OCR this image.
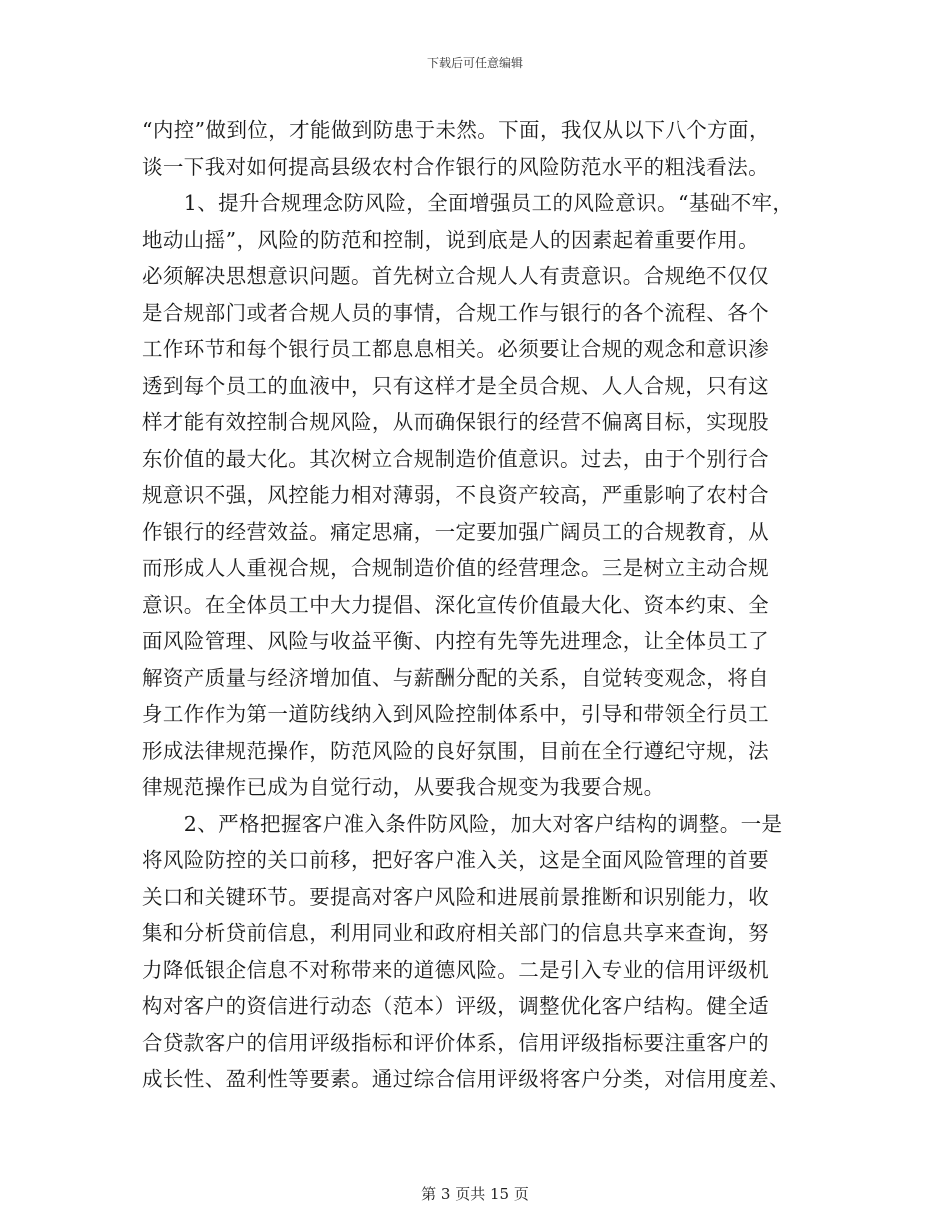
下载后可任意编辑
“内控”做到位，才能做到防患于未然。下面，我仅从以下八个方面，
谈一下我对如何提高县级农村合作银行的风险防范水平的粗浅看法。
　　1、提升合规理念防风险，全面增强员工的风险意识。“基础不牢，
地动山摇”，风险的防范和控制，说到底是人的因素起着重要作用。
必须解决思想意识问题。首先树立合规人人有责意识。合规绝不仅仅
是合规部门或者合规人员的事情，合规工作与银行的各个流程、各个
工作环节和每个银行员工都息息相关。必须要让合规的观念和意识渗
透到每个员工的血液中，只有这样才是全员合规、人人合规，只有这
样才能有效控制合规风险，从而确保银行的经营不偏离目标，实现股
东价值的最大化。其次树立合规制造价值意识。过去，由于个别行合
规意识不强，风控能力相对薄弱，不良资产较高，严重影响了农村合
作银行的经营效益。痛定思痛，一定要加强广阔员工的合规教育，从
而形成人人重视合规，合规制造价值的经营理念。三是树立主动合规
意识。在全体员工中大力提倡、深化宣传价值最大化、资本约束、全
面风险管理、风险与收益平衡、内控有先等先进理念，让全体员工了
解资产质量与经济增加值、与薪酬分配的关系，自觉转变观念，将自
身工作作为第一道防线纳入到风险控制体系中，引导和带领全行员工
形成法律规范操作，防范风险的良好氛围，目前在全行遵纪守规，法
律规范操作已成为自觉行动，从要我合规变为我要合规。
　　2、严格把握客户准入条件防风险，加大对客户结构的调整。一是
将风险防控的关口前移，把好客户准入关，这是全面风险管理的首要
关口和关键环节。要提高对客户风险和进展前景推断和识别能力，收
集和分析贷前信息，利用同业和政府相关部门的信息共享来查询，努
力降低银企信息不对称带来的道德风险。二是引入专业的信用评级机
构对客户的资信进行动态（范本）评级，调整优化客户结构。健全适
合贷款客户的信用评级指标和评价体系，信用评级指标要注重客户的
成长性、盈利性等要素。通过综合信用评级将客户分类，对信用度差、
第 3 页共 15 页
